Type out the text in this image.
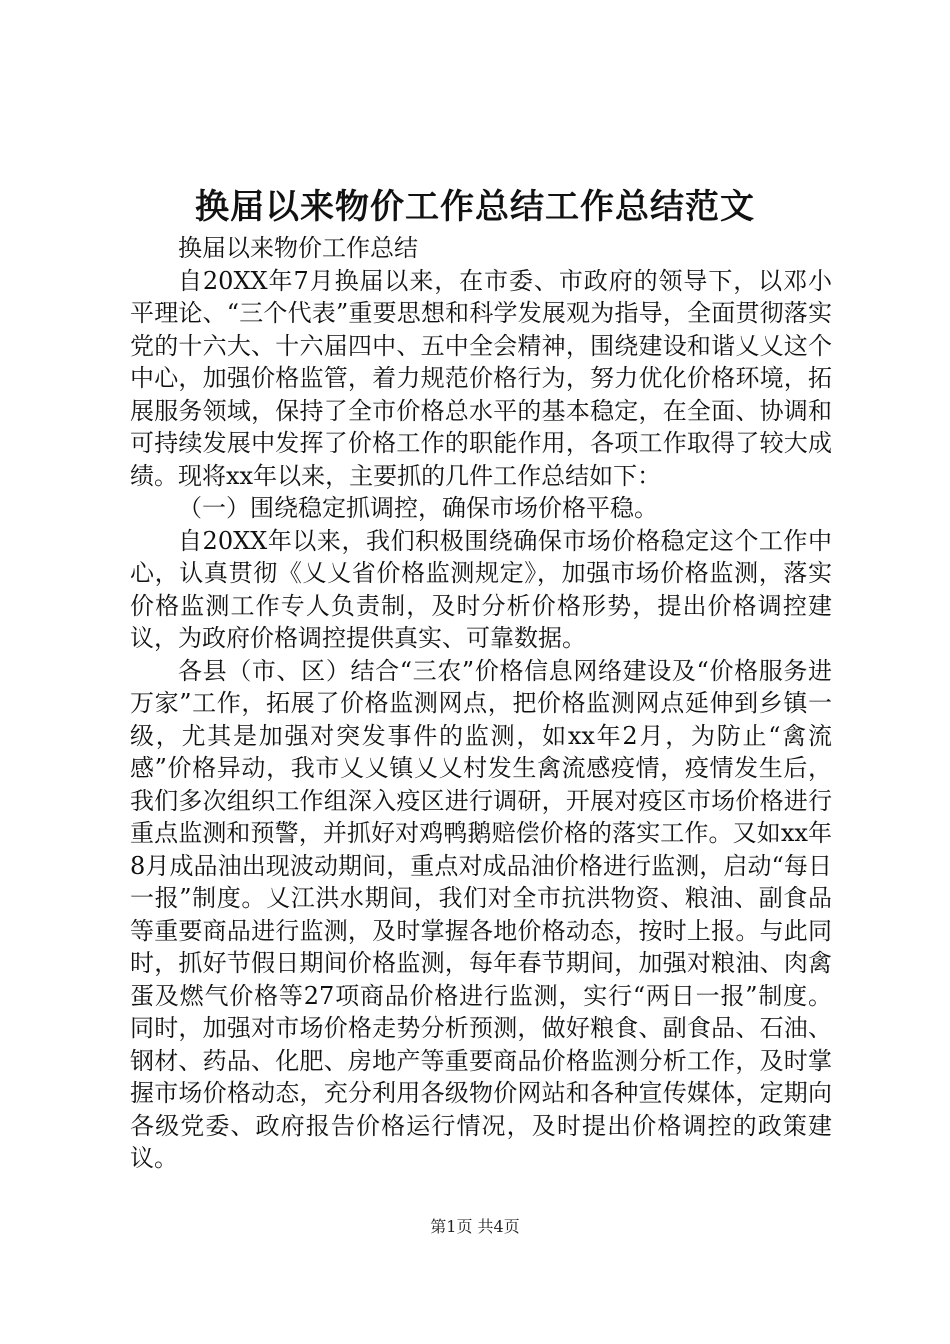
换届以来物价工作总结工作总结范文

换届以来物价工作总结

自20XX年7月换届以来，在市委、市政府的领导下，以邓小平理论、“三个代表”重要思想和科学发展观为指导，全面贯彻落实党的十六大、十六届四中、五中全会精神，围绕建设和谐乂乂这个中心，加强价格监管，着力规范价格行为，努力优化价格环境，拓展服务领域，保持了全市价格总水平的基本稳定，在全面、协调和可持续发展中发挥了价格工作的职能作用，各项工作取得了较大成绩。现将xx年以来，主要抓的几件工作总结如下：

（一）围绕稳定抓调控，确保市场价格平稳。

自20XX年以来，我们积极围绕确保市场价格稳定这个工作中心，认真贯彻《乂乂省价格监测规定》，加强市场价格监测，落实价格监测工作专人负责制，及时分析价格形势，提出价格调控建议，为政府价格调控提供真实、可靠数据。

各县（市、区）结合“三农”价格信息网络建设及“价格服务进万家”工作，拓展了价格监测网点，把价格监测网点延伸到乡镇一级，尤其是加强对突发事件的监测，如xx年2月，为防止“禽流感”价格异动，我市乂乂镇乂乂村发生禽流感疫情，疫情发生后，我们多次组织工作组深入疫区进行调研，开展对疫区市场价格进行重点监测和预警，并抓好对鸡鸭鹅赔偿价格的落实工作。又如xx年8月成品油出现波动期间，重点对成品油价格进行监测，启动“每日一报”制度。乂江洪水期间，我们对全市抗洪物资、粮油、副食品等重要商品进行监测，及时掌握各地价格动态，按时上报。与此同时，抓好节假日期间价格监测，每年春节期间，加强对粮油、肉禽蛋及燃气价格等27项商品价格进行监测，实行“两日一报”制度。同时，加强对市场价格走势分析预测，做好粮食、副食品、石油、钢材、药品、化肥、房地产等重要商品价格监测分析工作，及时掌握市场价格动态，充分利用各级物价网站和各种宣传媒体，定期向各级党委、政府报告价格运行情况，及时提出价格调控的政策建议。

第1页 共4页
